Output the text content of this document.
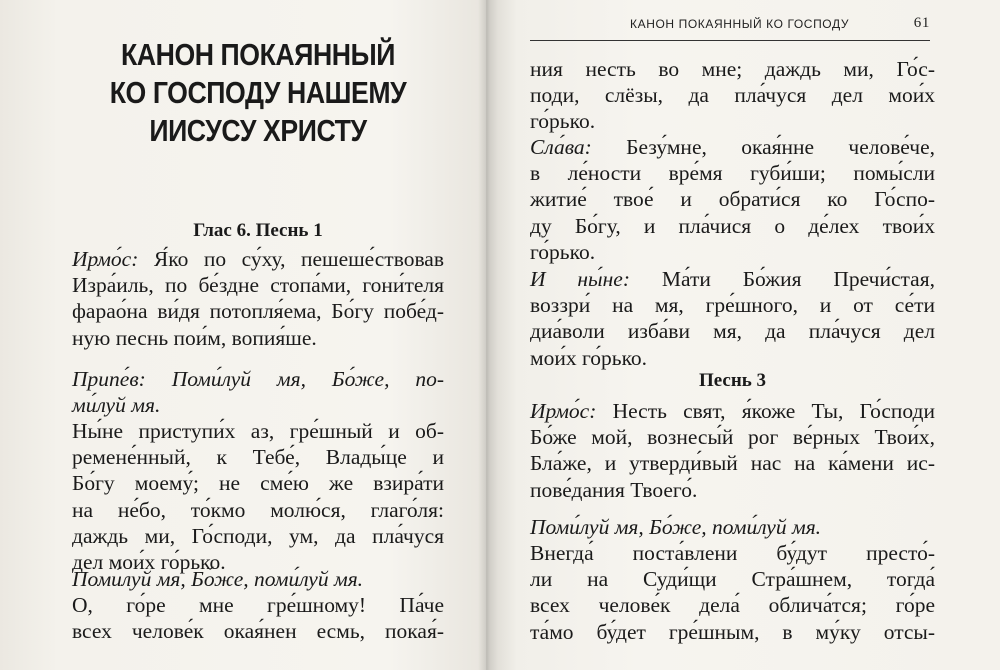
КАНОН ПОКАЯННЫЙ
КО ГОСПОДУ НАШЕМУ
ИИСУСУ ХРИСТУ
Глас 6. Песнь 1
Ирмо́с: Я́ко по су́ху, пешеше́ствовав
Изра́иль, по бе́здне стопа́ми, гони́теля
фарао́на ви́дя потопля́ема, Бо́гу побе́д-
ную песнь пои́м, вопия́ше.
Припе́в: Поми́луй мя, Бо́же, по-
ми́луй мя.
Ны́не приступи́х аз, гре́шный и об-
ремене́нный, к Тебе́, Влады́це и
Бо́гу моему́; не сме́ю же взира́ти
на не́бо, то́кмо молю́ся, глаго́ля:
даждь ми, Го́споди, ум, да пла́чуся
дел мои́х го́рько.
Поми́луй мя, Бо́же, поми́луй мя.
О, го́ре мне гре́шному! Па́че
всех челове́к окая́нен есмь, покая́-
КАНОН ПОКАЯННЫЙ КО ГОСПОДУ	61
ния несть во мне; даждь ми, Го́с-
поди, слёзы, да пла́чуся дел мои́х
го́рько.
Сла́ва: Безу́мне, окая́нне челове́че,
в ле́ности вре́мя губи́ши; помы́сли
житие́ твое́ и обрати́ся ко Го́спо-
ду Бо́гу, и пла́чися о де́лех твои́х
го́рько.
И ны́не: Ма́ти Бо́жия Пречи́стая,
воззри́ на мя, гре́шного, и от се́ти
диа́воли изба́ви мя, да пла́чуся дел
мои́х го́рько.
Песнь 3
Ирмо́с: Несть свят, я́коже Ты, Го́споди
Бо́же мой, вознесы́й рог ве́рных Твои́х,
Бла́же, и утверди́вый нас на ка́мени ис-
пове́дания Твоего́.
Поми́луй мя, Бо́же, поми́луй мя.
Внегда́ поста́влени бу́дут престо́-
ли на Суди́щи Стра́шнем, тогда́
всех челове́к дела́ облича́тся; го́ре
та́мо бу́дет гре́шным, в му́ку отсы-
